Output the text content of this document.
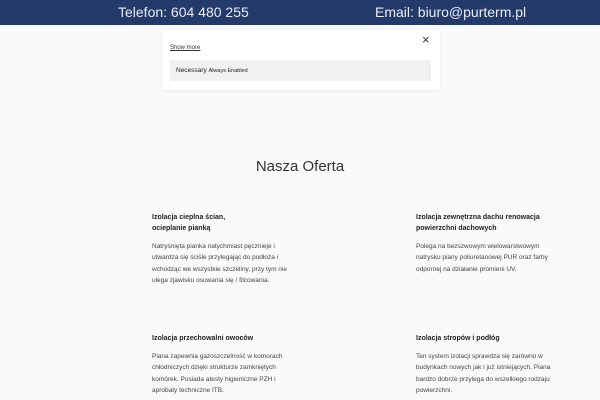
Telefon: 604 480 255	Email: biuro@purterm.pl
×
Show more
Necessary Always Enabled
Nasza Oferta
Izolacja cieplna ścian, ocieplanie pianką

Natryśnięta pianka natychmiast pęcznieje i utwardza się ściśle przylegając do podłoża i wchodząc we wszystkie szczeliny, przy tym nie ulega zjawisku osuwania się / filcowania.

Izolacja zewnętrzna dachu renowacja powierzchni dachowych

Polega na bezszwowym wielowarstwowym natrysku piany poliuretanowej PUR oraz farby odpornej na działanie promieni UV.

Izolacja przechowalni owoców

Piana zapewnia gazoszczelność w komorach chłodniczych dzięki strukturze zamkniętych komórek. Posiada atesty higieniczne PZH i aprobaty techniczne ITB.

Izolacja stropów i podłóg

Ten system izolacji sprawdza się zarówno w budynkach nowych jak i już istniejących. Piana bardzo dobrze przylega do wszelkiego rodzaju powierzchni.
